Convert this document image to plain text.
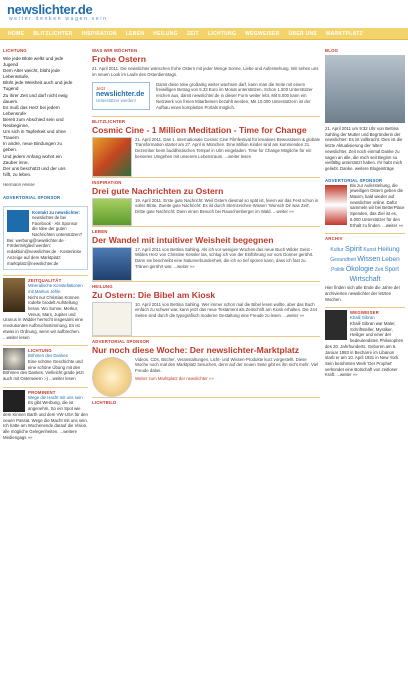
newslichter.de
weiter denken wagen sein
HOME BLITZLICHTER INSPIRATION LEBEN HEILUNG ZEIT LICHTUNG WEGWEISER ÜBER UNS MARKTPLATZ
LICHTUNG
Wie jede Blüte welkt und jede
Jugend
Dem Alter weicht, blüht jede
Lebensstufe,
Blüht jede Weisheit auch und jede
Tugend
Zu ihrer Zeit und darf nicht ewig
dauern.
Es muß das Herz bei jedem
Lebensrufe
Bereit zum Abschied sein und
Neubeginne,
Um sich in Tapferkeit und ohne
Trauern
In andre, neue Bindungen zu
geben.
Und jedem Anfang wohnt ein
Zauber inne,
Der uns beschützt und der uns
hilft, zu leben.
Hermann Hesse
ADVERTORIAL SPONSOR
Kontakt zu newslichter:
newslichter.de bei Facebook · Als Sponsor die Idee der guten Nachrichten unterstützen? Bei: werbung@newslichter.de · Fördermitglied werden: redaktion@newslichter.de · Kostenlose Anzeige auf dem Marktplatz: marktplatz@newslichter.de
ZEITQUALITÄT
Mineralische Konstellationen mit Markus Jehle
Nicht nur Christian Künnen rodelte brodelt Aufstellung heran. Wo Sonne, Merkur, Venus, Mars, Jupiter und Uranus in Widder herrscht insgesamt eine revolutionäre Aufbruchsstimmung. Es ist etwas in Ordnung, wenn wir aufbrechen. ...weiter lesen
LICHTUNG
Böhmen des Dankes
Eine schöne Geschichte und eine schöne Übung mit den Böhmen des Dankes. Vielleicht grade jetzt auch mit Osterseiern :-) ...weiter lesen
PROMINENT
Wege die Hacht mit uns sein
Es gibt Werbung, die ist angenehm. So ein Spot wie dem Kinnen Barth und dem VW-USA für den neuen Passat. Wege die Macht mit uns sein. Ich hatte am Wochenende darauf die Vision, alle mögliche Gelegenheiten. ...weitere Mediengags »»
WAS WIR MÖCHTEN
Frohe Ostern
21. April 2011. Die newslichter wünschen frohe Ostern mit jeder Menge Sonne, Liebe und Auferstehung. Wir sehen uns im neuen Look im Laufe des Osterdienstags.
Jetzt
newslichter.de
Unterstützer werden!
Damit diese Idee großartig weiter wachsen darf, kann man die Seite mit einem freiwilligen Betrag von 5,33 Euro im Monat unterstützen. Schon 1.000 Unterstützer reichen aus, damit newslichter.de in dieser Form weiter lebt. Mit 5.000 kann ein Netzwerk von freien Mitarbeitern bezahlt werden, Mit 10.000 Unterstützern ist der Aufbau eines kompletten Portals möglich.
BLITZLICHTER
Cosmic Cine - 1 Million Meditation - Time for Change
21. April 2011. Das 1. internationale Cosmic Cine Filmfestival für kreatives Bewusstsein & globale Transformation startet am 27. April in München. Eine Million Kinder sind am kommenden 21. Dezember beim buddhistischen Tempel in Ulm eingeladen. Time for Change Mögliche für ein besseres Umgehen mit unserem Lebensraum. ...weiter lesen
INSPIRATION
Drei gute Nachrichten zu Ostern
19. April 2011. Erste gute Nachricht: Weil Ostern diesmal so spät ist, feiern wir das Fest schon in voller Blüte. Zweite gute Nachricht: Es ist durch Sternzeichen-Wissen 'Wunsch Dir was Zeit'. Dritte gute Nachricht: Dann einen Besuch bei Rauschenberger im Wald. ...weiter »»
LEBEN
Der Wandel mit intuitiver Weisheit begegnen
17. April 2011 von Bettina Sahling. Als ich vor wenigen Wochen das neue Buch Wilder Geist - Wildes Herz von Christine Kessler las, schlug ich von der Einführung vor vom Donner gerührt. Dann sie beschreibt eine Naturverbundenheit, die ich so tief spüren kann, dass ich fast zu Tränen gerührt war. ...weiter »»
HEILUNG
Zu Ostern: Die Bibel am Kiosk
10. April 2011 von Bettina Sahling. Wer immer schon mal die Bibel lesen wollte, aber das Buch einfach zu schwer war, kann jetzt das neue Testament als Zeitschrift am Kiosk erhalten. Die 244 Seiten sind durch die typografisch moderne Gestaltung eine Freude zu lesen. ...weiter »»
ADVERTORIAL SPONSOR
Nur noch diese Woche: Der newslichter-Marktplatz
Videos, CDs, Bücher, Veranstaltungen, Licht- und Wissen-Produkte kurz vorgestellt. Diese Woche noch mal den Marktplatz besuchen, denn auf der neuen Seite gibt es ihn nicht mehr. Viel Freude dabei.
Weiter zum Marktplatz der newslichter »»
LICHTBILD
BLOG
21. April 2011 um 9:32 Uhr von Bettina Sahling der Mutter und Begründerin der newslichter: Es ist vollbracht. Dies ist die letzte Aktualisierung der 'alten' newslichter. Zeit noch einmal Danke zu sagen an alle, die mich seit Beginn so vielfältig unterstützt haben. Ihr habt mich geliebt. Danke. weitere Blogeinträge
ADVERTORIAL SPONSOR
Bis zur Auferstehung, die jeweiligen Ostern geben die Maxim, bald wieder auf newslichter online. Dafür sammeln wir bei BetterPlace Spenden, das Ziel ist es, 6.000 Unterstützer für den Erhalt zu finden. ...weiter »»
ARCHIV
Kultur Spirit Kunst Heilung Gesundheit Wissen Leben Politik Ökologie Zeit Sport Wirtschaft
Hier finden sich alle Ende die Jahre der archivierten newslichter der letzten Wochen.
WEGWEISER
Khalil Gibran
Khalil Gibran war Maler, Schriftsteller, Mystiker, Heiliger und einer der bedeutendsten Philosophen des 20. Jahrhunderts. Geboren am 6. Januar 1883 in Becharre im Libanon starb er am 10. April 1931 in New York. Sein berühmtes Werk 'Der Prophet' verkündet eine Botschaft von zeitloser Kraft. ...weiter »»
